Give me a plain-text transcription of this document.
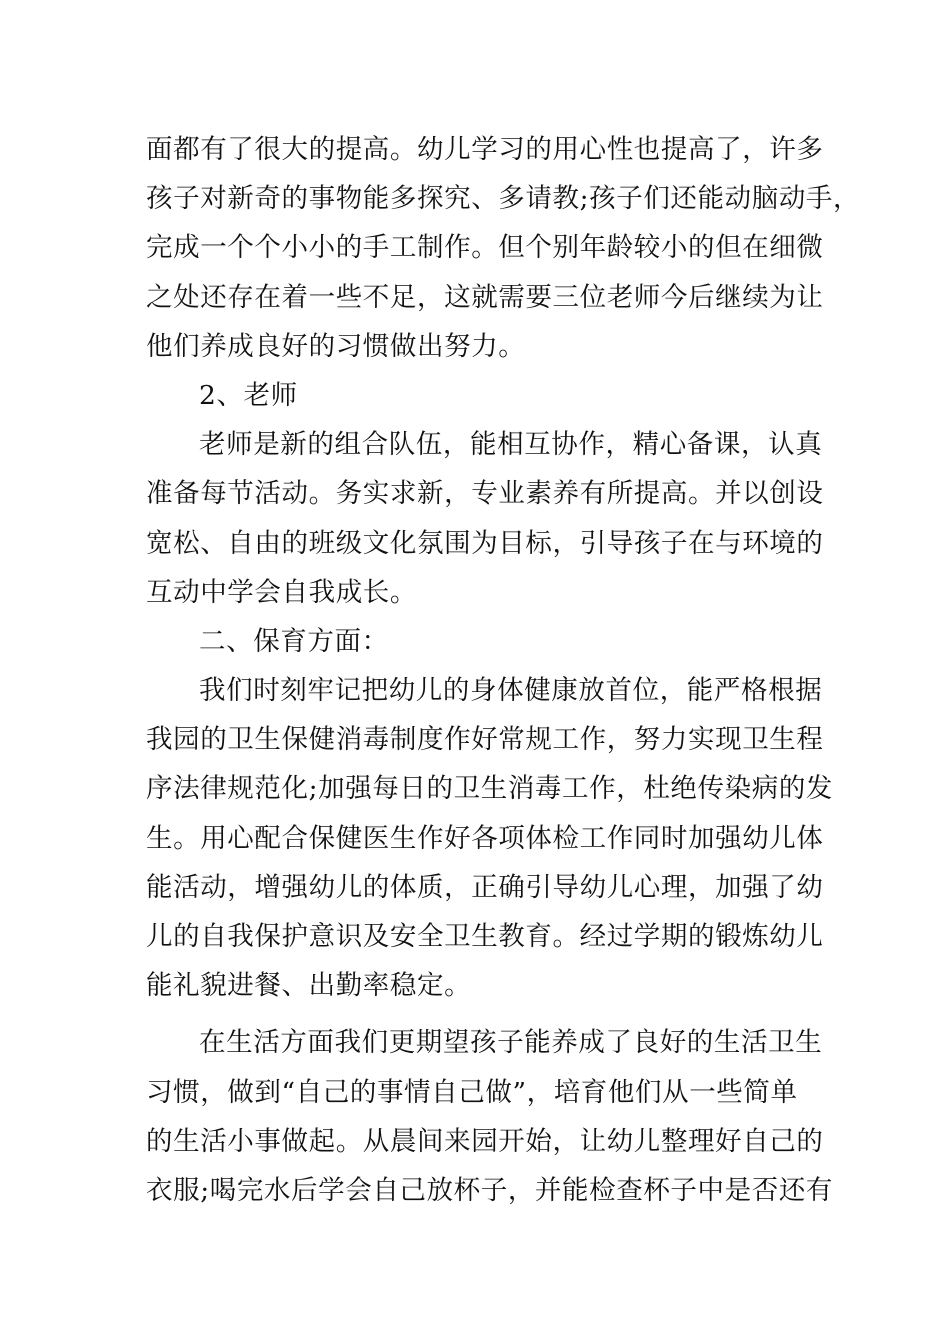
面都有了很大的提高。幼儿学习的用心性也提高了，许多
孩子对新奇的事物能多探究、多请教;孩子们还能动脑动手，
完成一个个小小的手工制作。但个别年龄较小的但在细微
之处还存在着一些不足，这就需要三位老师今后继续为让
他们养成良好的习惯做出努力。
2、老师
老师是新的组合队伍，能相互协作，精心备课，认真
准备每节活动。务实求新，专业素养有所提高。并以创设
宽松、自由的班级文化氛围为目标，引导孩子在与环境的
互动中学会自我成长。
二、保育方面：
我们时刻牢记把幼儿的身体健康放首位，能严格根据
我园的卫生保健消毒制度作好常规工作，努力实现卫生程
序法律规范化;加强每日的卫生消毒工作，杜绝传染病的发
生。用心配合保健医生作好各项体检工作同时加强幼儿体
能活动，增强幼儿的体质，正确引导幼儿心理，加强了幼
儿的自我保护意识及安全卫生教育。经过学期的锻炼幼儿
能礼貌进餐、出勤率稳定。
在生活方面我们更期望孩子能养成了良好的生活卫生
习惯，做到“自己的事情自己做”，培育他们从一些简单
的生活小事做起。从晨间来园开始，让幼儿整理好自己的
衣服;喝完水后学会自己放杯子，并能检查杯子中是否还有
